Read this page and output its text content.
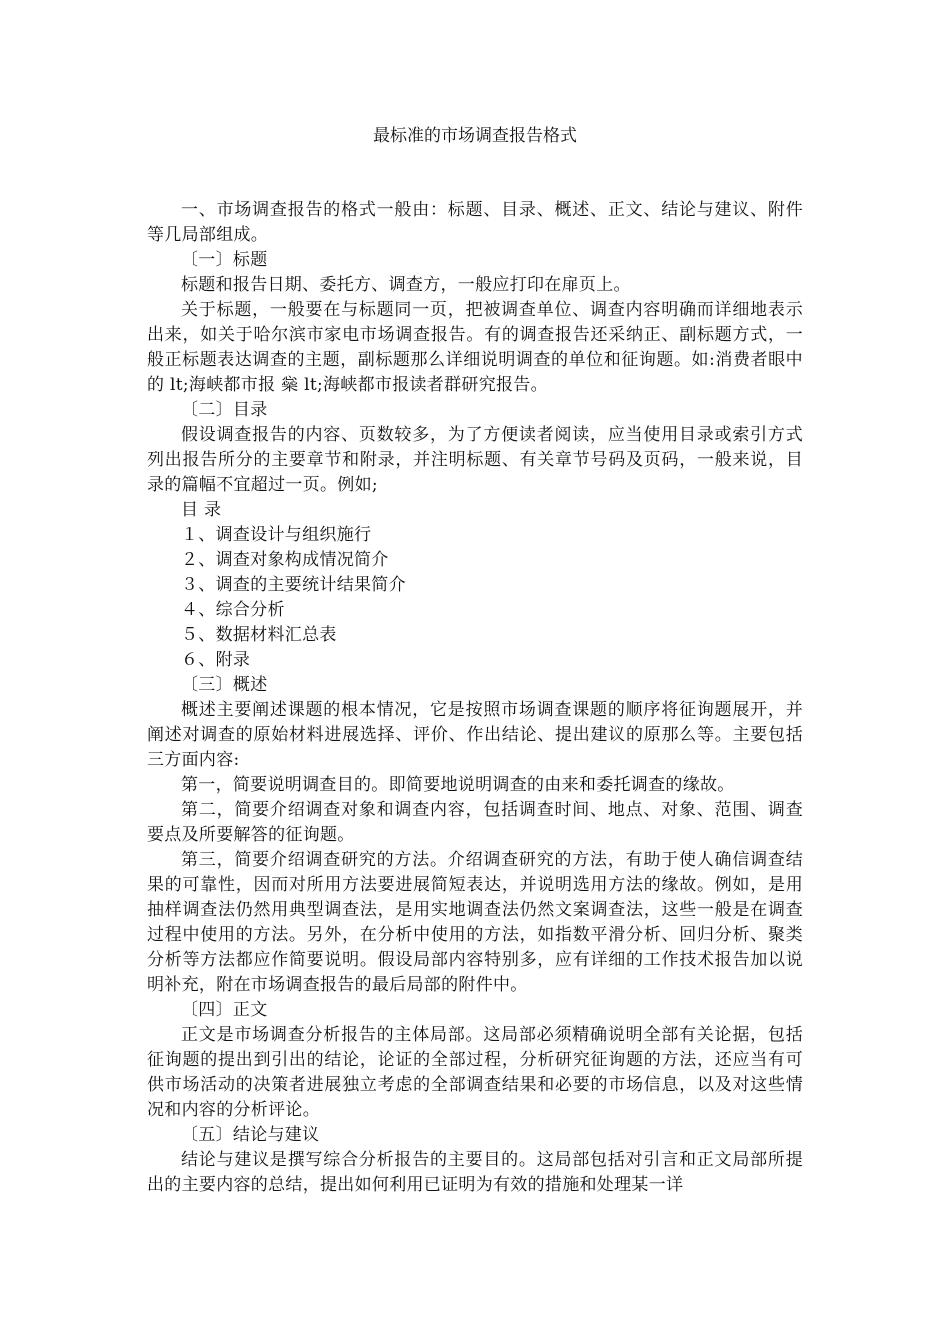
最标准的市场调查报告格式

一、市场调查报告的格式一般由：标题、目录、概述、正文、结论与建议、附件等几局部组成。

〔一〕标题

标题和报告日期、委托方、调查方，一般应打印在扉页上。

关于标题，一般要在与标题同一页，把被调查单位、调查内容明确而详细地表示出来，如关于哈尔滨市家电市场调查报告。有的调查报告还采纳正、副标题方式，一般正标题表达调查的主题，副标题那么详细说明调查的单位和征询题。如:消费者眼中的 lt;海峡都市报 橤 lt;海峡都市报读者群研究报告。

〔二〕目录

假设调查报告的内容、页数较多，为了方便读者阅读，应当使用目录或索引方式列出报告所分的主要章节和附录，并注明标题、有关章节号码及页码，一般来说，目录的篇幅不宜超过一页。例如;

目 录

１、调查设计与组织施行

２、调查对象构成情况简介

３、调查的主要统计结果简介

４、综合分析

５、数据材料汇总表

６、附录

〔三〕概述

概述主要阐述课题的根本情况，它是按照市场调查课题的顺序将征询题展开，并阐述对调查的原始材料进展选择、评价、作出结论、提出建议的原那么等。主要包括三方面内容:

第一，简要说明调查目的。即简要地说明调查的由来和委托调查的缘故。

第二，简要介绍调查对象和调查内容，包括调查时间、地点、对象、范围、调查要点及所要解答的征询题。

第三，简要介绍调查研究的方法。介绍调查研究的方法，有助于使人确信调查结果的可靠性，因而对所用方法要进展简短表达，并说明选用方法的缘故。例如，是用抽样调查法仍然用典型调查法，是用实地调查法仍然文案调查法，这些一般是在调查过程中使用的方法。另外，在分析中使用的方法，如指数平滑分析、回归分析、聚类分析等方法都应作简要说明。假设局部内容特别多，应有详细的工作技术报告加以说明补充，附在市场调查报告的最后局部的附件中。

〔四〕正文

正文是市场调查分析报告的主体局部。这局部必须精确说明全部有关论据，包括征询题的提出到引出的结论，论证的全部过程，分析研究征询题的方法，还应当有可供市场活动的决策者进展独立考虑的全部调查结果和必要的市场信息，以及对这些情况和内容的分析评论。

〔五〕结论与建议

结论与建议是撰写综合分析报告的主要目的。这局部包括对引言和正文局部所提出的主要内容的总结，提出如何利用已证明为有效的措施和处理某一详
